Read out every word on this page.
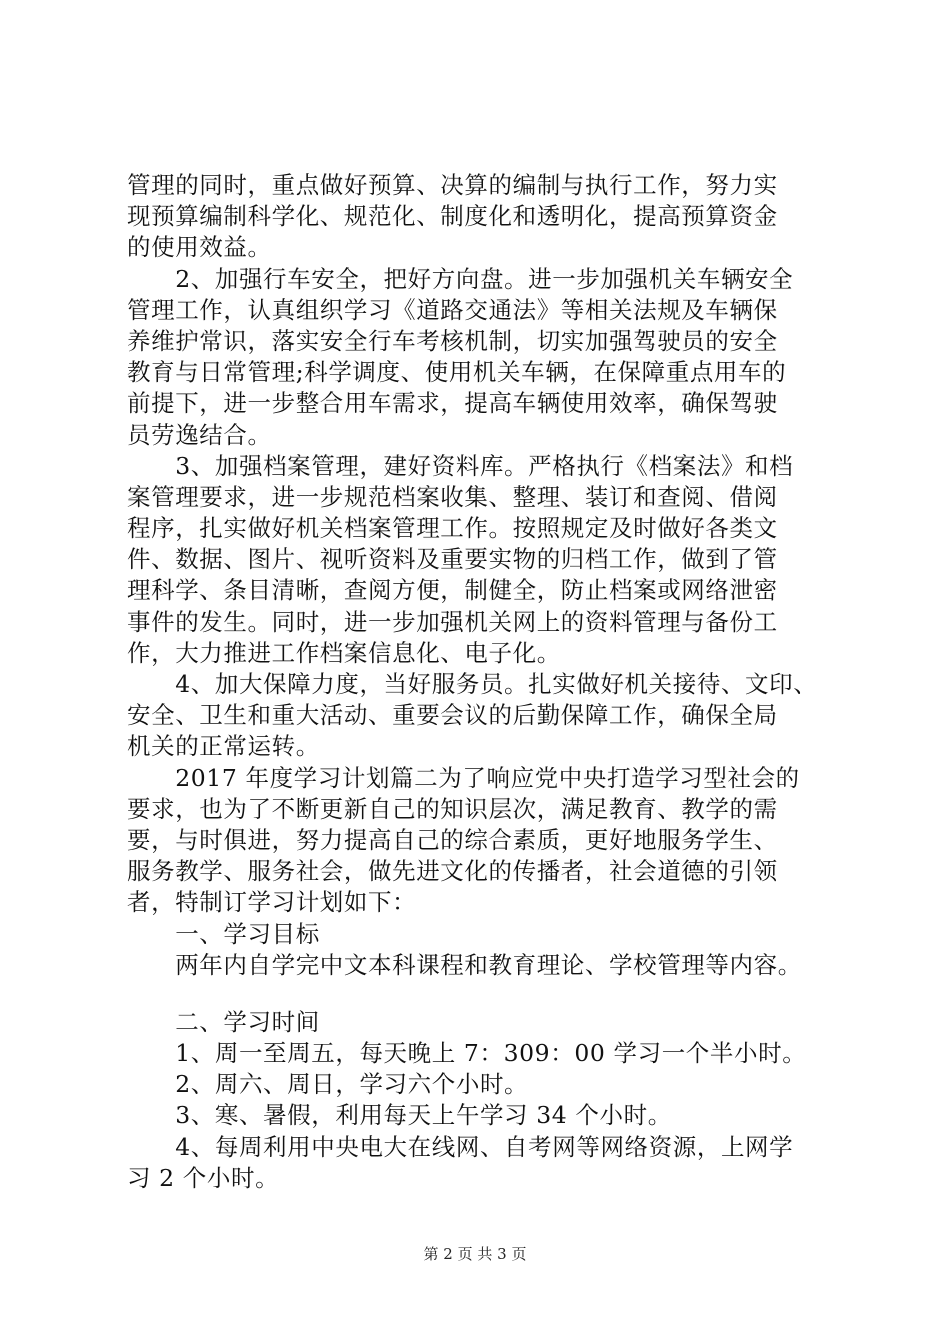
管理的同时，重点做好预算、决算的编制与执行工作，努力实
现预算编制科学化、规范化、制度化和透明化，提高预算资金
的使用效益。
　　2、加强行车安全，把好方向盘。进一步加强机关车辆安全
管理工作，认真组织学习《道路交通法》等相关法规及车辆保
养维护常识，落实安全行车考核机制，切实加强驾驶员的安全
教育与日常管理;科学调度、使用机关车辆，在保障重点用车的
前提下，进一步整合用车需求，提高车辆使用效率，确保驾驶
员劳逸结合。
　　3、加强档案管理，建好资料库。严格执行《档案法》和档
案管理要求，进一步规范档案收集、整理、装订和查阅、借阅
程序，扎实做好机关档案管理工作。按照规定及时做好各类文
件、数据、图片、视听资料及重要实物的归档工作，做到了管
理科学、条目清晰，查阅方便，制健全，防止档案或网络泄密
事件的发生。同时，进一步加强机关网上的资料管理与备份工
作，大力推进工作档案信息化、电子化。
　　4、加大保障力度，当好服务员。扎实做好机关接待、文印、
安全、卫生和重大活动、重要会议的后勤保障工作，确保全局
机关的正常运转。
　　2017 年度学习计划篇二为了响应党中央打造学习型社会的
要求，也为了不断更新自己的知识层次，满足教育、教学的需
要，与时俱进，努力提高自己的综合素质，更好地服务学生、
服务教学、服务社会，做先进文化的传播者，社会道德的引领
者，特制订学习计划如下：
　　一、学习目标
　　两年内自学完中文本科课程和教育理论、学校管理等内容。
　　二、学习时间
　　1、周一至周五，每天晚上 7：309：00 学习一个半小时。
　　2、周六、周日，学习六个小时。
　　3、寒、暑假，利用每天上午学习 34 个小时。
　　4、每周利用中央电大在线网、自考网等网络资源，上网学
习 2 个小时。
第 2 页 共 3 页
